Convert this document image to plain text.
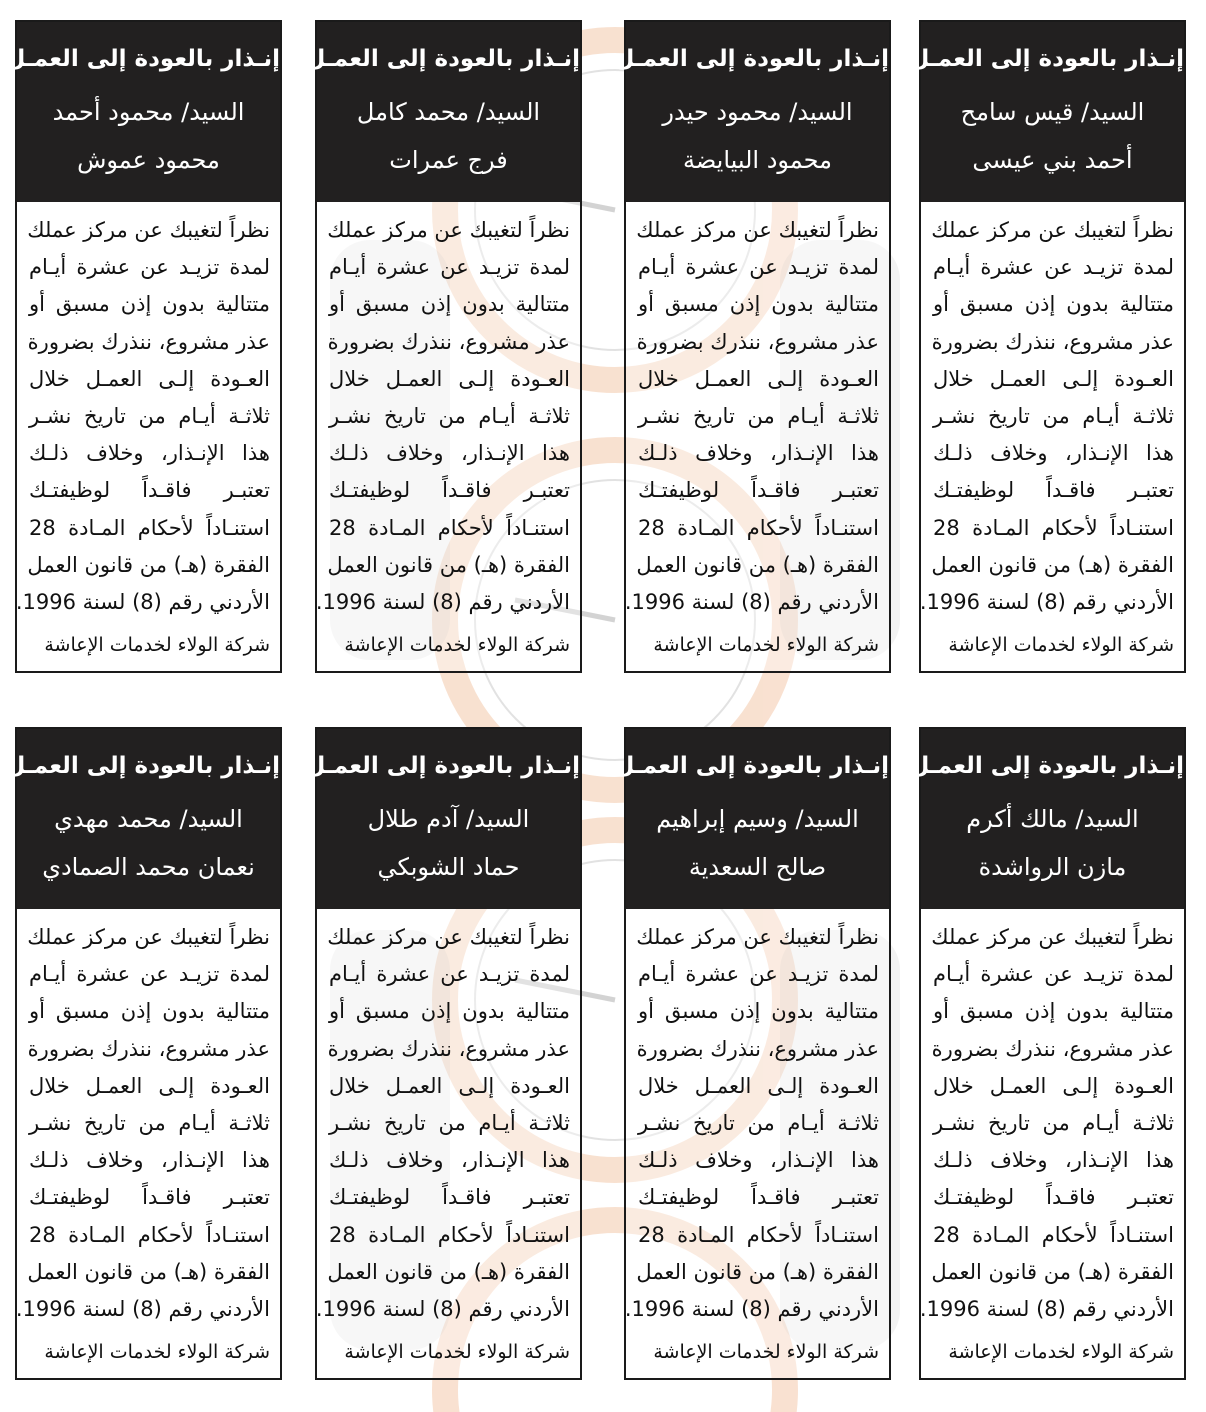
إنـذار بالعودة إلى العمـل
السيد/ قيس سامح
أحمد بني عيسى
نظراً لتغيبك عن مركز عملك
لمدة تزيـد عن عشرة أيـام
متتالية بدون إذن مسبق أو
عذر مشروع، ننذرك بضرورة
العـودة إلـى العمـل خلال
ثلاثـة أيـام من تاريخ نشـر
هذا الإنـذار، وخلاف ذلـك
تعتبـر فاقـداً لوظيفتـك
استنـاداً لأحكام المـادة 28
الفقرة (هـ) من قانون العمل
الأردني رقم (8) لسنة 1996.
شركة الولاء لخدمات الإعاشة
إنـذار بالعودة إلى العمـل
السيد/ محمود حيدر
محمود البيايضة
نظراً لتغيبك عن مركز عملك
لمدة تزيـد عن عشرة أيـام
متتالية بدون إذن مسبق أو
عذر مشروع، ننذرك بضرورة
العـودة إلـى العمـل خلال
ثلاثـة أيـام من تاريخ نشـر
هذا الإنـذار، وخلاف ذلـك
تعتبـر فاقـداً لوظيفتـك
استنـاداً لأحكام المـادة 28
الفقرة (هـ) من قانون العمل
الأردني رقم (8) لسنة 1996.
شركة الولاء لخدمات الإعاشة
إنـذار بالعودة إلى العمـل
السيد/ محمد كامل
فرج عمرات
نظراً لتغيبك عن مركز عملك
لمدة تزيـد عن عشرة أيـام
متتالية بدون إذن مسبق أو
عذر مشروع، ننذرك بضرورة
العـودة إلـى العمـل خلال
ثلاثـة أيـام من تاريخ نشـر
هذا الإنـذار، وخلاف ذلـك
تعتبـر فاقـداً لوظيفتـك
استنـاداً لأحكام المـادة 28
الفقرة (هـ) من قانون العمل
الأردني رقم (8) لسنة 1996.
شركة الولاء لخدمات الإعاشة
إنـذار بالعودة إلى العمـل
السيد/ محمود أحمد
محمود عموش
نظراً لتغيبك عن مركز عملك
لمدة تزيـد عن عشرة أيـام
متتالية بدون إذن مسبق أو
عذر مشروع، ننذرك بضرورة
العـودة إلـى العمـل خلال
ثلاثـة أيـام من تاريخ نشـر
هذا الإنـذار، وخلاف ذلـك
تعتبـر فاقـداً لوظيفتـك
استنـاداً لأحكام المـادة 28
الفقرة (هـ) من قانون العمل
الأردني رقم (8) لسنة 1996.
شركة الولاء لخدمات الإعاشة
إنـذار بالعودة إلى العمـل
السيد/ مالك أكرم
مازن الرواشدة
نظراً لتغيبك عن مركز عملك
لمدة تزيـد عن عشرة أيـام
متتالية بدون إذن مسبق أو
عذر مشروع، ننذرك بضرورة
العـودة إلـى العمـل خلال
ثلاثـة أيـام من تاريخ نشـر
هذا الإنـذار، وخلاف ذلـك
تعتبـر فاقـداً لوظيفتـك
استنـاداً لأحكام المـادة 28
الفقرة (هـ) من قانون العمل
الأردني رقم (8) لسنة 1996.
شركة الولاء لخدمات الإعاشة
إنـذار بالعودة إلى العمـل
السيد/ وسيم إبراهيم
صالح السعدية
نظراً لتغيبك عن مركز عملك
لمدة تزيـد عن عشرة أيـام
متتالية بدون إذن مسبق أو
عذر مشروع، ننذرك بضرورة
العـودة إلـى العمـل خلال
ثلاثـة أيـام من تاريخ نشـر
هذا الإنـذار، وخلاف ذلـك
تعتبـر فاقـداً لوظيفتـك
استنـاداً لأحكام المـادة 28
الفقرة (هـ) من قانون العمل
الأردني رقم (8) لسنة 1996.
شركة الولاء لخدمات الإعاشة
إنـذار بالعودة إلى العمـل
السيد/ آدم طلال
حماد الشوبكي
نظراً لتغيبك عن مركز عملك
لمدة تزيـد عن عشرة أيـام
متتالية بدون إذن مسبق أو
عذر مشروع، ننذرك بضرورة
العـودة إلـى العمـل خلال
ثلاثـة أيـام من تاريخ نشـر
هذا الإنـذار، وخلاف ذلـك
تعتبـر فاقـداً لوظيفتـك
استنـاداً لأحكام المـادة 28
الفقرة (هـ) من قانون العمل
الأردني رقم (8) لسنة 1996.
شركة الولاء لخدمات الإعاشة
إنـذار بالعودة إلى العمـل
السيد/ محمد مهدي
نعمان محمد الصمادي
نظراً لتغيبك عن مركز عملك
لمدة تزيـد عن عشرة أيـام
متتالية بدون إذن مسبق أو
عذر مشروع، ننذرك بضرورة
العـودة إلـى العمـل خلال
ثلاثـة أيـام من تاريخ نشـر
هذا الإنـذار، وخلاف ذلـك
تعتبـر فاقـداً لوظيفتـك
استنـاداً لأحكام المـادة 28
الفقرة (هـ) من قانون العمل
الأردني رقم (8) لسنة 1996.
شركة الولاء لخدمات الإعاشة
